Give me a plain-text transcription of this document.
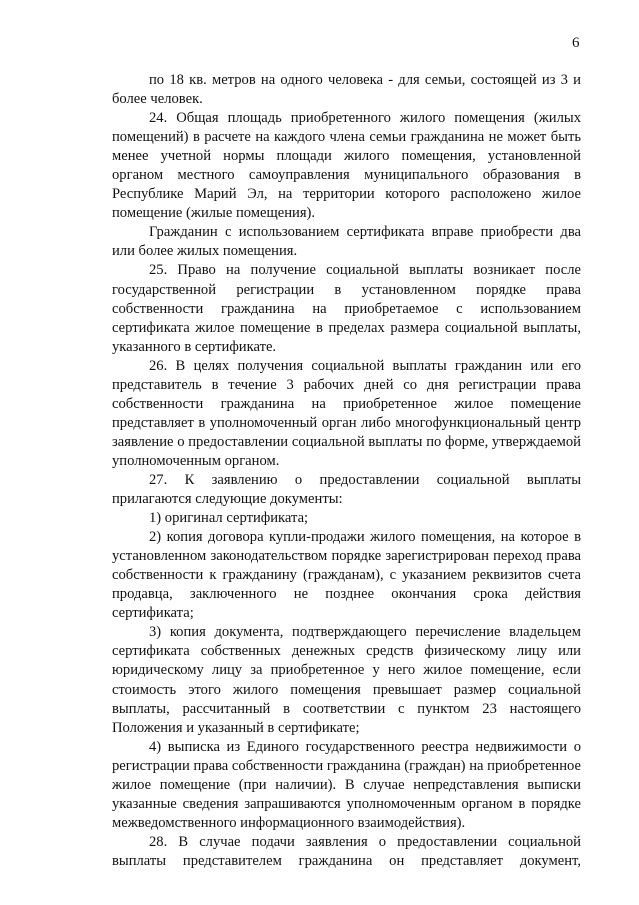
6

по 18 кв. метров на одного человека - для семьи, состоящей из 3 и более человек.

24. Общая площадь приобретенного жилого помещения (жилых помещений) в расчете на каждого члена семьи гражданина не может быть менее учетной нормы площади жилого помещения, установленной органом местного самоуправления муниципального образования в Республике Марий Эл, на территории которого расположено жилое помещение (жилые помещения).

Гражданин с использованием сертификата вправе приобрести два или более жилых помещения.

25. Право на получение социальной выплаты возникает после государственной регистрации в установленном порядке права собственности гражданина на приобретаемое с использованием сертификата жилое помещение в пределах размера социальной выплаты, указанного в сертификате.

26. В целях получения социальной выплаты гражданин или его представитель в течение 3 рабочих дней со дня регистрации права собственности гражданина на приобретенное жилое помещение представляет в уполномоченный орган либо многофункциональный центр заявление о предоставлении социальной выплаты по форме, утверждаемой уполномоченным органом.

27. К заявлению о предоставлении социальной выплаты прилагаются следующие документы:

1) оригинал сертификата;

2) копия договора купли-продажи жилого помещения, на которое в установленном законодательством порядке зарегистрирован переход права собственности к гражданину (гражданам), с указанием реквизитов счета продавца, заключенного не позднее окончания срока действия сертификата;

3) копия документа, подтверждающего перечисление владельцем сертификата собственных денежных средств физическому лицу или юридическому лицу за приобретенное у него жилое помещение, если стоимость этого жилого помещения превышает размер социальной выплаты, рассчитанный в соответствии с пунктом 23 настоящего Положения и указанный в сертификате;

4) выписка из Единого государственного реестра недвижимости о регистрации права собственности гражданина (граждан) на приобретенное жилое помещение (при наличии). В случае непредставления выписки указанные сведения запрашиваются уполномоченным органом в порядке межведомственного информационного взаимодействия).

28. В случае подачи заявления о предоставлении социальной выплаты представителем гражданина он представляет документ,
